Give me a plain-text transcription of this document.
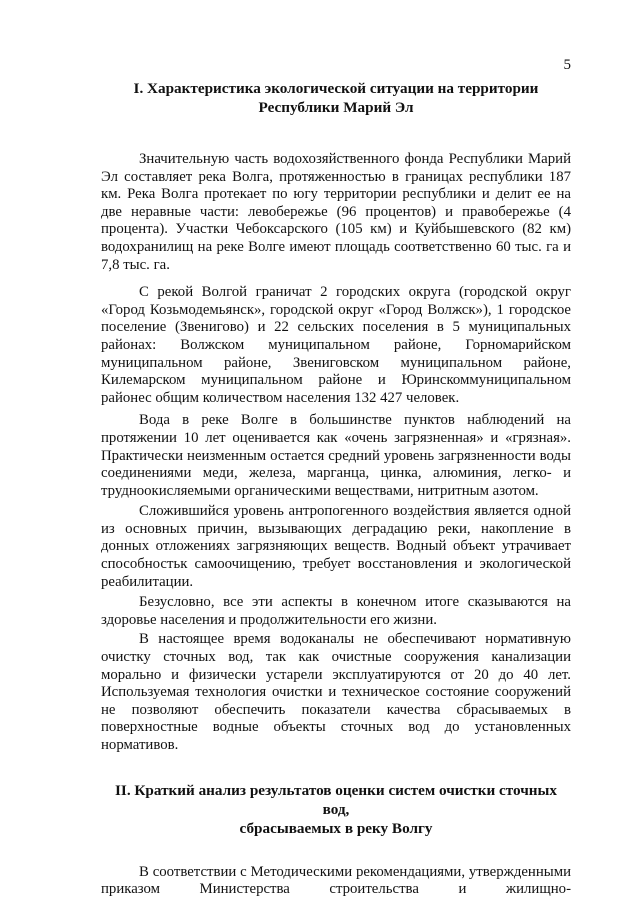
5
I. Характеристика экологической ситуации на территории
Республики Марий Эл

Значительную часть водохозяйственного фонда Республики Марий Эл составляет река Волга, протяженностью в границах республики 187 км. Река Волга протекает по югу территории республики и делит ее на две неравные части: левобережье (96 процентов) и правобережье (4 процента). Участки Чебоксарского (105 км) и Куйбышевского (82 км) водохранилищ на реке Волге имеют площадь соответственно 60 тыс. га и 7,8 тыс. га.

С рекой Волгой граничат 2 городских округа (городской округ «Город Козьмодемьянск», городской округ «Город Волжск»), 1 городское поселение (Звенигово) и 22 сельских поселения в 5 муниципальных районах: Волжском муниципальном районе, Горномарийском муниципальном районе, Звениговском муниципальном районе, Килемарском муниципальном районе и Юринскоммуниципальном районес общим количеством населения 132 427 человек.

Вода в реке Волге в большинстве пунктов наблюдений на протяжении 10 лет оценивается как «очень загрязненная» и «грязная». Практически неизменным остается средний уровень загрязненности воды соединениями меди, железа, марганца, цинка, алюминия, легко- и трудноокисляемыми органическими веществами, нитритным азотом.

Сложившийся уровень антропогенного воздействия является одной из основных причин, вызывающих деградацию реки, накопление в донных отложениях загрязняющих веществ. Водный объект утрачивает способностьк самоочищению, требует восстановления и экологической реабилитации.

Безусловно, все эти аспекты в конечном итоге сказываются на здоровье населения и продолжительности его жизни.

В настоящее время водоканалы не обеспечивают нормативную очистку сточных вод, так как очистные сооружения канализации морально и физически устарели эксплуатируются от 20 до 40 лет. Используемая технология очистки и техническое состояние сооружений не позволяют обеспечить показатели качества сбрасываемых в поверхностные водные объекты сточных вод до установленных нормативов.

II. Краткий анализ результатов оценки систем очистки сточных вод,
сбрасываемых в реку Волгу

В соответствии с Методическими рекомендациями, утвержденными приказом Министерства строительства и жилищно-
